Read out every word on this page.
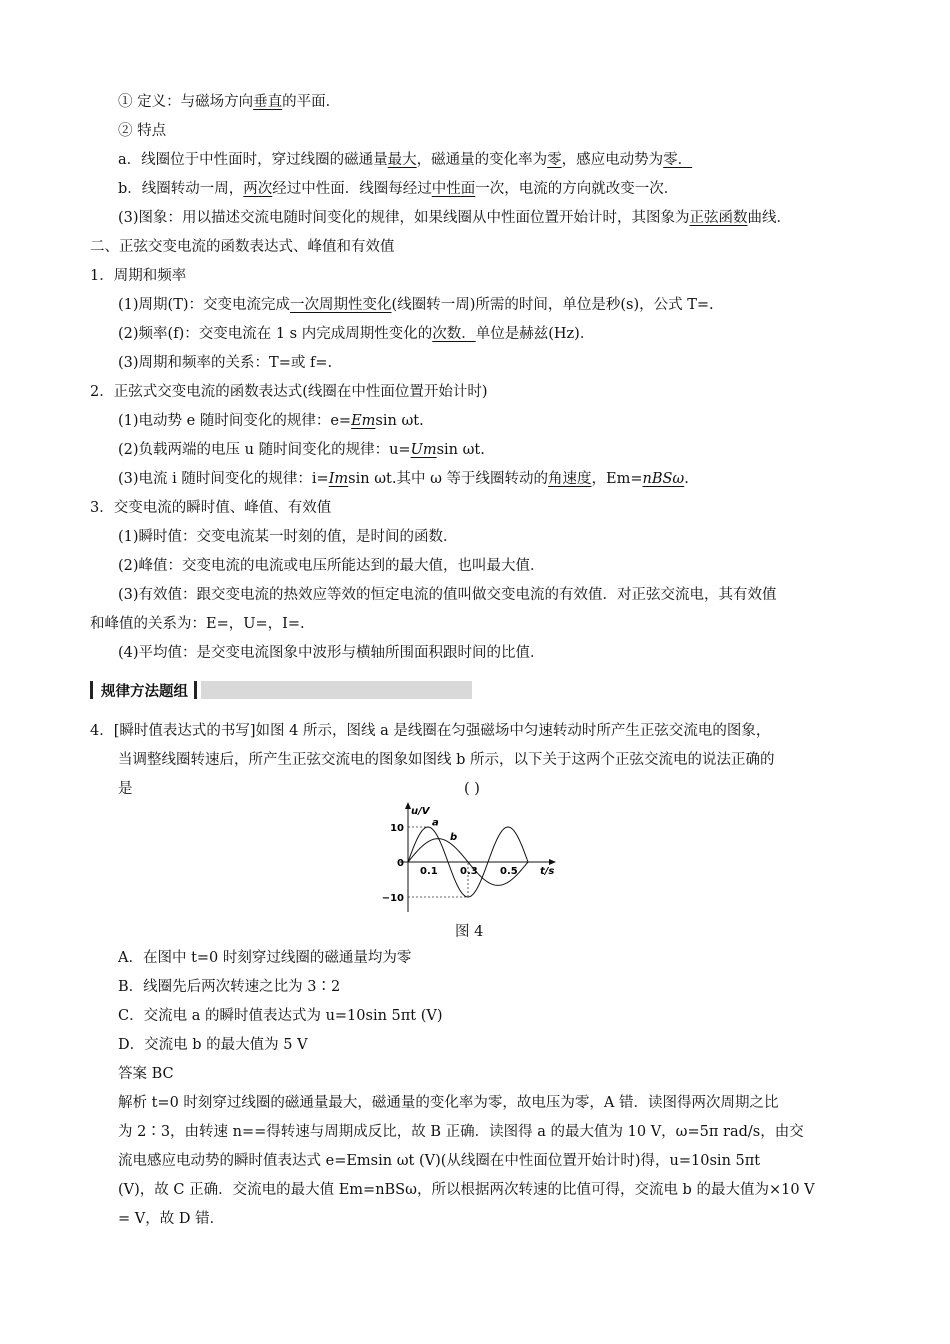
① 定义：与磁场方向垂直的平面．
② 特点
a．线圈位于中性面时，穿过线圈的磁通量最大，磁通量的变化率为零，感应电动势为零．
b．线圈转动一周，两次经过中性面．线圈每经过中性面一次，电流的方向就改变一次．
(3)图象：用以描述交流电随时间变化的规律，如果线圈从中性面位置开始计时，其图象为正弦函数曲线．
二、正弦交变电流的函数表达式、峰值和有效值
1．周期和频率
(1)周期(T)：交变电流完成一次周期性变化(线圈转一周)所需的时间，单位是秒(s)，公式 T=.
(2)频率(f)：交变电流在 1 s 内完成周期性变化的次数．单位是赫兹(Hz)．
(3)周期和频率的关系：T=或 f=.
2．正弦式交变电流的函数表达式(线圈在中性面位置开始计时)
(1)电动势 e 随时间变化的规律：e=Emsin ωt.
(2)负载两端的电压 u 随时间变化的规律：u=Umsin ωt.
(3)电流 i 随时间变化的规律：i=Imsin ωt.其中 ω 等于线圈转动的角速度，Em=nBSω.
3．交变电流的瞬时值、峰值、有效值
(1)瞬时值：交变电流某一时刻的值，是时间的函数．
(2)峰值：交变电流的电流或电压所能达到的最大值，也叫最大值．
(3)有效值：跟交变电流的热效应等效的恒定电流的值叫做交变电流的有效值．对正弦交流电，其有效值
和峰值的关系为：E=，U=，I=.
(4)平均值：是交变电流图象中波形与横轴所围面积跟时间的比值．
规律方法题组
4．[瞬时值表达式的书写]如图 4 所示，图线 a 是线圈在匀强磁场中匀速转动时所产生正弦交流电的图象，
当调整线圈转速后，所产生正弦交流电的图象如图线 b 所示，以下关于这两个正弦交流电的说法正确的
是	( )
u/V
t/s
0.1 0.3 0.5
10
0
−10
a
b
图 4
A．在图中 t=0 时刻穿过线圈的磁通量均为零
B．线圈先后两次转速之比为 3∶2
C．交流电 a 的瞬时值表达式为 u=10sin 5πt (V)
D．交流电 b 的最大值为 5 V
答案 BC
解析 t=0 时刻穿过线圈的磁通量最大，磁通量的变化率为零，故电压为零，A 错．读图得两次周期之比
为 2∶3，由转速 n==得转速与周期成反比，故 B 正确．读图得 a 的最大值为 10 V，ω=5π rad/s，由交
流电感应电动势的瞬时值表达式 e=Emsin ωt (V)(从线圈在中性面位置开始计时)得，u=10sin 5πt
(V)，故 C 正确．交流电的最大值 Em=nBSω，所以根据两次转速的比值可得，交流电 b 的最大值为×10 V
= V，故 D 错．
